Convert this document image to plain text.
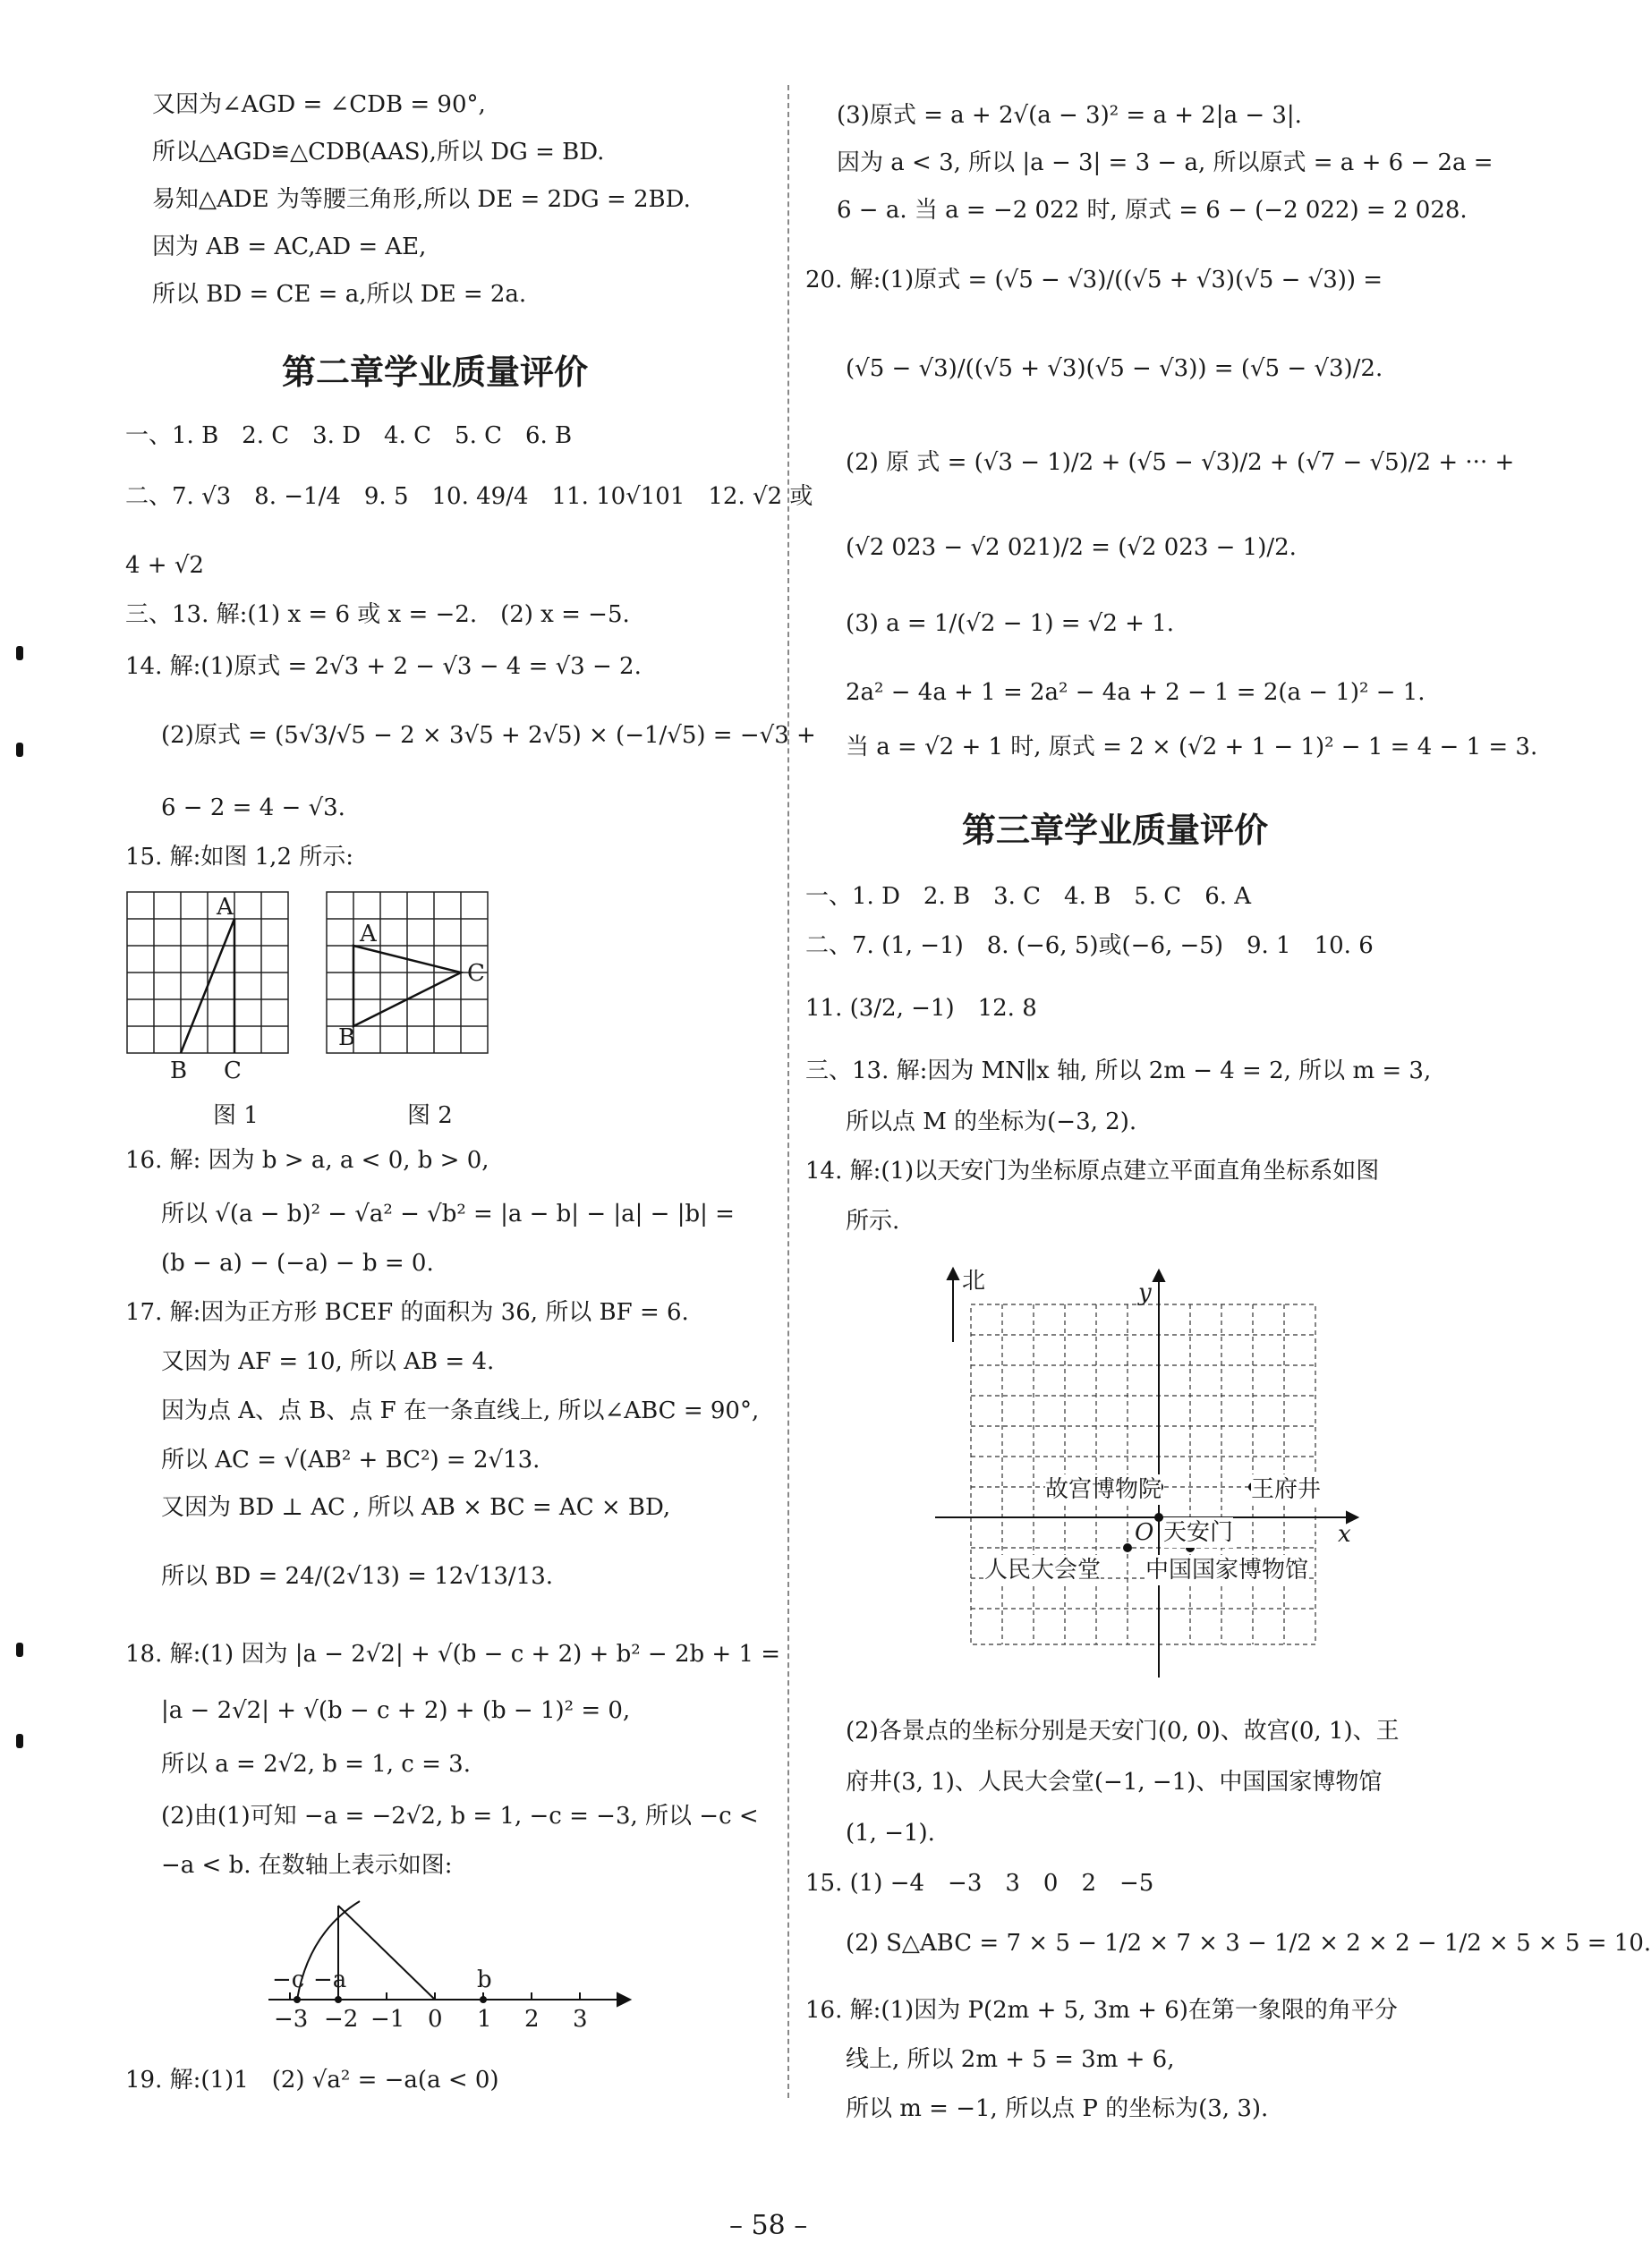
又因为∠AGD = ∠CDB = 90°,
所以△AGD≌△CDB(AAS),所以 DG = BD.
易知△ADE 为等腰三角形,所以 DE = 2DG = 2BD.
因为 AB = AC,AD = AE,
所以 BD = CE = a,所以 DE = 2a.
第二章学业质量评价
一、1. B　2. C　3. D　4. C　5. C　6. B
二、7. √3　8. −1/4　9. 5　10. 49/4　11. 10√101　12. √2 或
4 + √2
三、13. 解:(1) x = 6 或 x = −2.　(2) x = −5.
14. 解:(1)原式 = 2√3 + 2 − √3 − 4 = √3 − 2.
(2)原式 = (5√3/√5 − 2 × 3√5 + 2√5) × (−1/√5) = −√3 +
6 − 2 = 4 − √3.
15. 解:如图 1,2 所示:
A
B C
A
B
C
图 1	图 2
16. 解: 因为 b > a, a < 0, b > 0,
所以 √(a − b)² − √a² − √b² = |a − b| − |a| − |b| =
(b − a) − (−a) − b = 0.
17. 解:因为正方形 BCEF 的面积为 36, 所以 BF = 6.
又因为 AF = 10, 所以 AB = 4.
因为点 A、点 B、点 F 在一条直线上, 所以∠ABC = 90°,
所以 AC = √(AB² + BC²) = 2√13.
又因为 BD ⊥ AC , 所以 AB × BC = AC × BD,
所以 BD = 24/(2√13) = 12√13/13.
18. 解:(1) 因为 |a − 2√2| + √(b − c + 2) + b² − 2b + 1 =
|a − 2√2| + √(b − c + 2) + (b − 1)² = 0,
所以 a = 2√2, b = 1, c = 3.
(2)由(1)可知 −a = −2√2, b = 1, −c = −3, 所以 −c <
−a < b. 在数轴上表示如图:
−3 −2 −1 0 1 2 3
−c −a	b
19. 解:(1)1　(2) √a² = −a(a < 0)
(3)原式 = a + 2√(a − 3)² = a + 2|a − 3|.
因为 a < 3, 所以 |a − 3| = 3 − a, 所以原式 = a + 6 − 2a =
6 − a. 当 a = −2 022 时, 原式 = 6 − (−2 022) = 2 028.
20. 解:(1)原式 = (√5 − √3)/((√5 + √3)(√5 − √3)) =
(√5 − √3)/((√5 + √3)(√5 − √3)) = (√5 − √3)/2.
(2) 原 式 = (√3 − 1)/2 + (√5 − √3)/2 + (√7 − √5)/2 + ··· +
(√2 023 − √2 021)/2 = (√2 023 − 1)/2.
(3) a = 1/(√2 − 1) = √2 + 1.
2a² − 4a + 1 = 2a² − 4a + 2 − 1 = 2(a − 1)² − 1.
当 a = √2 + 1 时, 原式 = 2 × (√2 + 1 − 1)² − 1 = 4 − 1 = 3.
第三章学业质量评价
一、1. D　2. B　3. C　4. B　5. C　6. A
二、7. (1, −1)　8. (−6, 5)或(−6, −5)　9. 1　10. 6
11. (3/2, −1)　12. 8
三、13. 解:因为 MN∥x 轴, 所以 2m − 4 = 2, 所以 m = 3,
所以点 M 的坐标为(−3, 2).
14. 解:(1)以天安门为坐标原点建立平面直角坐标系如图
所示.
北	y
x
O
故宫博物院	王府井
天安门
人民大会堂 中国国家博物馆
(2)各景点的坐标分别是天安门(0, 0)、故宫(0, 1)、王
府井(3, 1)、人民大会堂(−1, −1)、中国国家博物馆
(1, −1).
15. (1) −4　−3　3　0　2　−5
(2) S△ABC = 7 × 5 − 1/2 × 7 × 3 − 1/2 × 2 × 2 − 1/2 × 5 × 5 = 10.
16. 解:(1)因为 P(2m + 5, 3m + 6)在第一象限的角平分
线上, 所以 2m + 5 = 3m + 6,
所以 m = −1, 所以点 P 的坐标为(3, 3).
– 58 –
